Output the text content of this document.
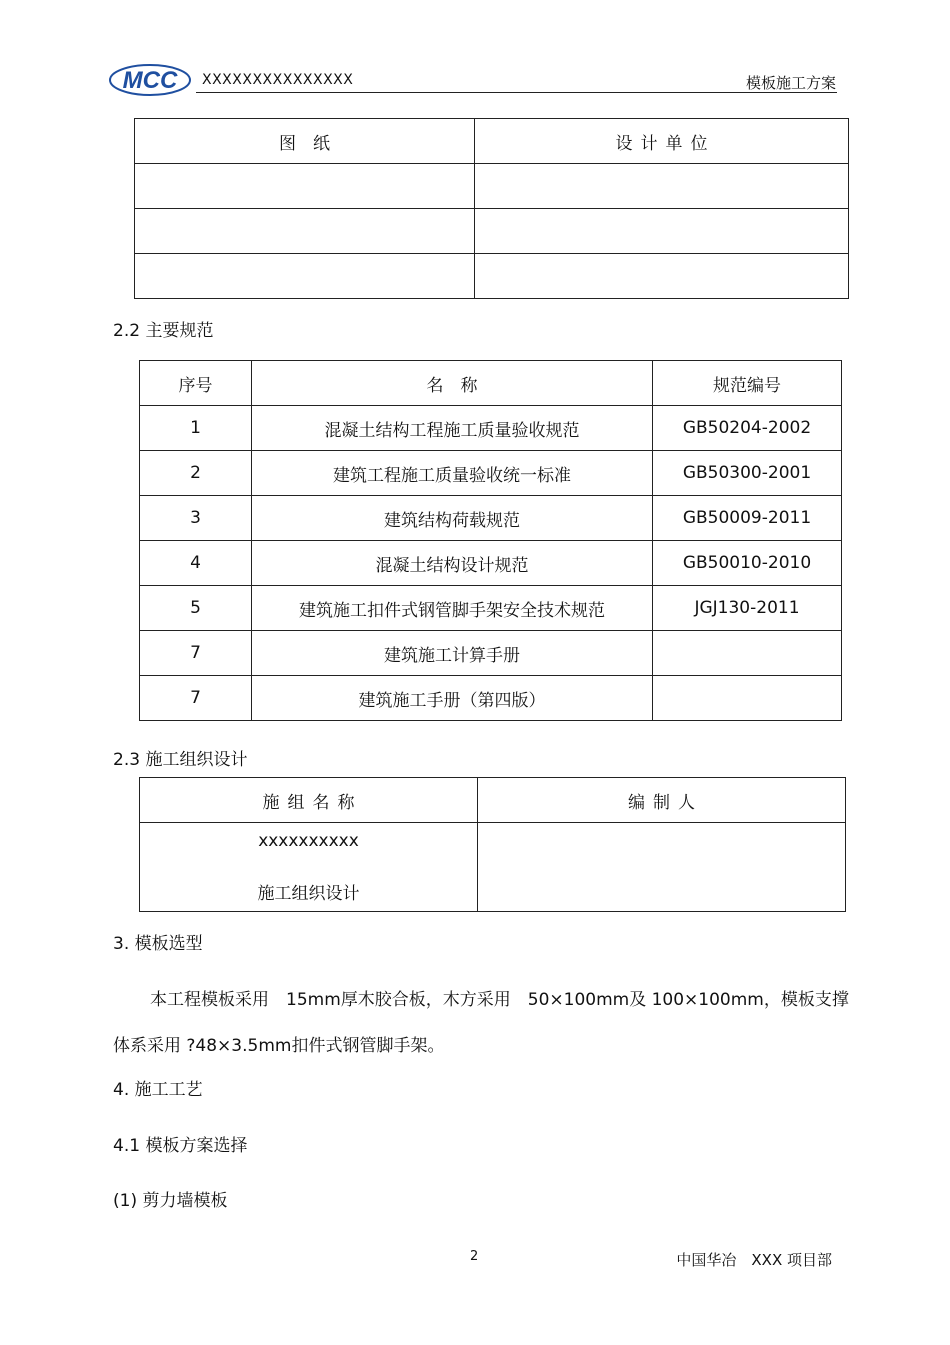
MCC XXXXXXXXXXXXXXX	模板施工方案
图　纸	设计单位

2.2 主要规范
序号	名　称	规范编号
1	混凝土结构工程施工质量验收规范	GB50204-2002
2	建筑工程施工质量验收统一标准	GB50300-2001
3	建筑结构荷载规范	GB50009-2011
4	混凝土结构设计规范	GB50010-2010
5	建筑施工扣件式钢管脚手架安全技术规范	JGJ130-2011
7	建筑施工计算手册	
7	建筑施工手册（第四版）	
2.3 施工组织设计
施组名称	编制人

xxxxxxxxxx
施工组织设计	

3. 模板选型
本工程模板采用　15mm厚木胶合板，木方采用　50×100mm及 100×100mm，模板支撑
体系采用 ?48×3.5mm扣件式钢管脚手架。
4. 施工工艺
4.1 模板方案选择
(1) 剪力墙模板
2	中国华冶　XXX 项目部
